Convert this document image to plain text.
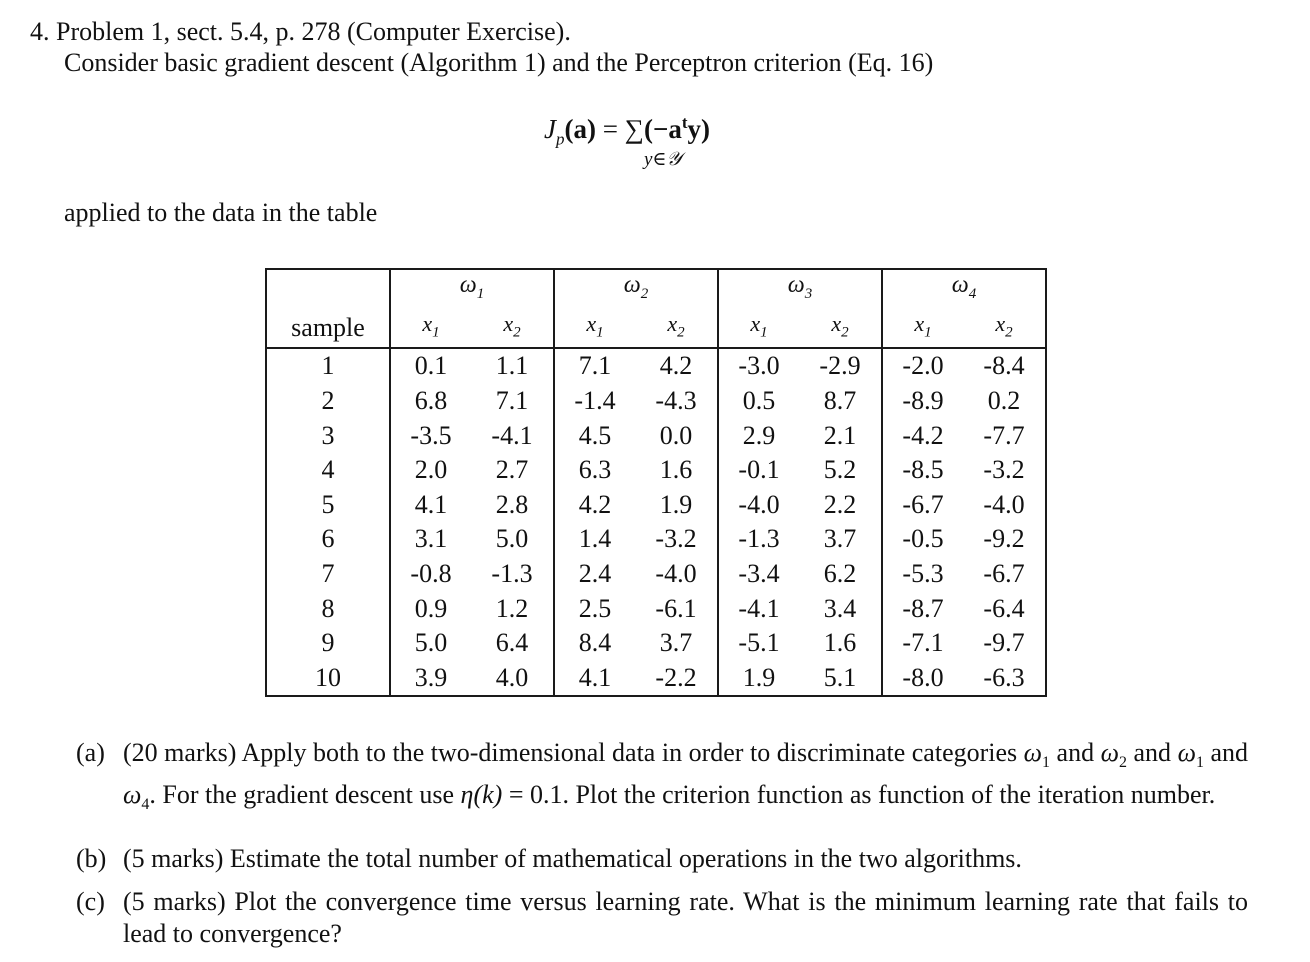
4. Problem 1, sect. 5.4, p. 278 (Computer Exercise).
Consider basic gradient descent (Algorithm 1) and the Perceptron criterion (Eq. 16)
$J_p(a) = \sum(-a^ty)$
y∈𝒴
applied to the data in the table
	$\omega_1$		$\omega_2$		$\omega_3$		$\omega_4$
sample	$x_1$	$x_2$	$x_1$	$x_2$	$x_1$	$x_2$	$x_1$	$x_2$
1	0.1	1.1	7.1	4.2	-3.0	-2.9	-2.0	-8.4
2	6.8	7.1	-1.4	-4.3	0.5	8.7	-8.9	0.2
3	-3.5	-4.1	4.5	0.0	2.9	2.1	-4.2	-7.7
4	2.0	2.7	6.3	1.6	-0.1	5.2	-8.5	-3.2
5	4.1	2.8	4.2	1.9	-4.0	2.2	-6.7	-4.0
6	3.1	5.0	1.4	-3.2	-1.3	3.7	-0.5	-9.2
7	-0.8	-1.3	2.4	-4.0	-3.4	6.2	-5.3	-6.7
8	0.9	1.2	2.5	-6.1	-4.1	3.4	-8.7	-6.4
9	5.0	6.4	8.4	3.7	-5.1	1.6	-7.1	-9.7
10	3.9	4.0	4.1	-2.2	1.9	5.1	-8.0	-6.3
(a) (20 marks) Apply both to the two-dimensional data in order to discriminate categories $\omega_1$ and $\omega_2$ and $\omega_1$ and $\omega_4$. For the gradient descent use η(k) = 0.1. Plot the criterion function as function of the iteration number.
(b) (5 marks) Estimate the total number of mathematical operations in the two algorithms.
(c) (5 marks) Plot the convergence time versus learning rate. What is the minimum learning rate that fails to lead to convergence?
